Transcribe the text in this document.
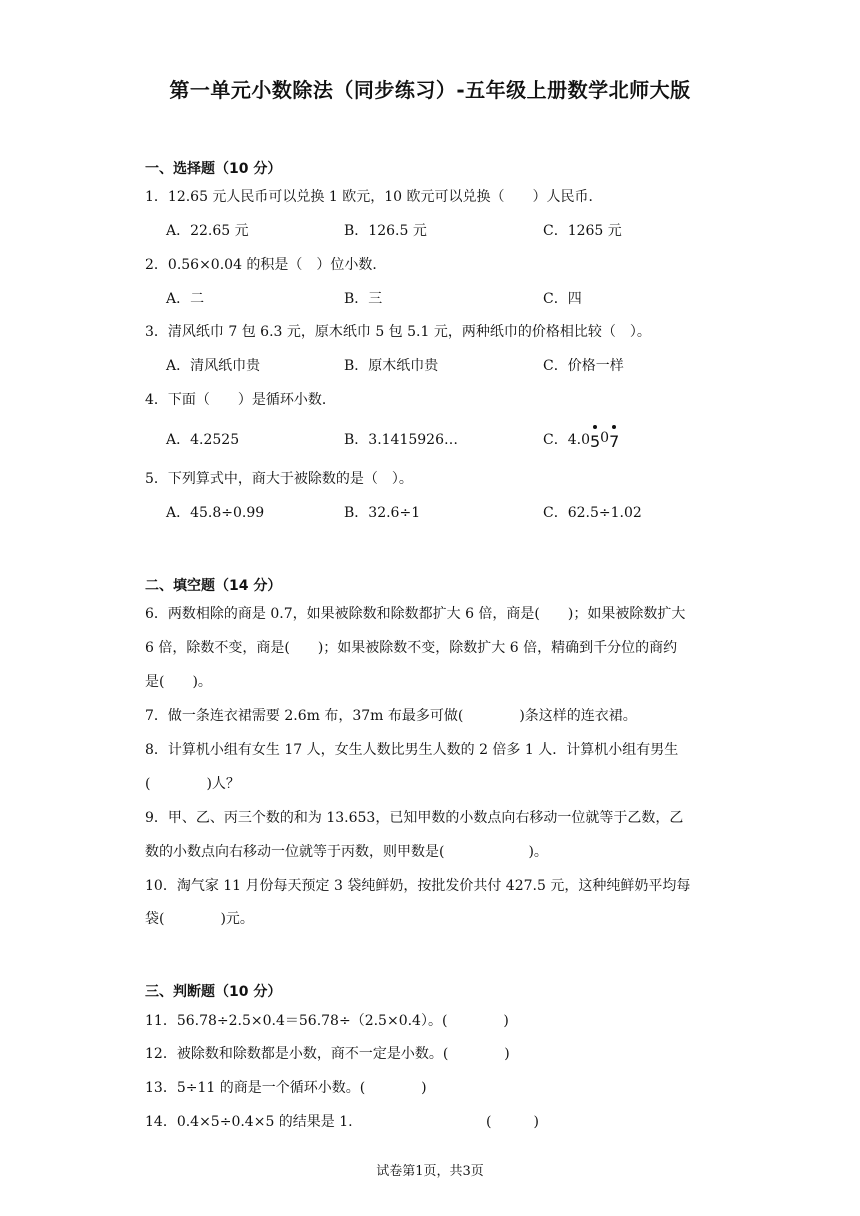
第一单元小数除法（同步练习）-五年级上册数学北师大版
一、选择题（10 分）
1．12.65 元人民币可以兑换 1 欧元，10 欧元可以兑换（　　）人民币．
A．22.65 元	B．126.5 元	C．1265 元
2．0.56×0.04 的积是（　）位小数．
A．二	B．三	C．四
3．清风纸巾 7 包 6.3 元，原木纸巾 5 包 5.1 元，两种纸巾的价格相比较（　）。
A．清风纸巾贵	B．原木纸巾贵	C．价格一样
4．下面（　　）是循环小数．
A．4.2525	B．3.1415926…	C．4.0
50
7
5．下列算式中，商大于被除数的是（　）。
A．45.8÷0.99	B．32.6÷1	C．62.5÷1.02
二、填空题（14 分）
6．两数相除的商是 0.7，如果被除数和除数都扩大 6 倍，商是(　　)；如果被除数扩大
6 倍，除数不变，商是(　　)；如果被除数不变，除数扩大 6 倍，精确到千分位的商约
是(　　)。
7．做一条连衣裙需要 2.6m 布，37m 布最多可做(　　　　)条这样的连衣裙。
8．计算机小组有女生 17 人，女生人数比男生人数的 2 倍多 1 人．计算机小组有男生
(　　　　)人？
9．甲、乙、丙三个数的和为 13.653，已知甲数的小数点向右移动一位就等于乙数，乙
数的小数点向右移动一位就等于丙数，则甲数是(　　　　　　)。
10．淘气家 11 月份每天预定 3 袋纯鲜奶，按批发价共付 427.5 元，这种纯鲜奶平均每
袋(　　　　)元。
三、判断题（10 分）
11．56.78÷2.5×0.4＝56.78÷（2.5×0.4）。(　　　　)
12．被除数和除数都是小数，商不一定是小数。(　　　　)
13．5÷11 的商是一个循环小数。(　　　　)
14．0.4×5÷0.4×5 的结果是 1.	(　　　)
试卷第1页，共3页
